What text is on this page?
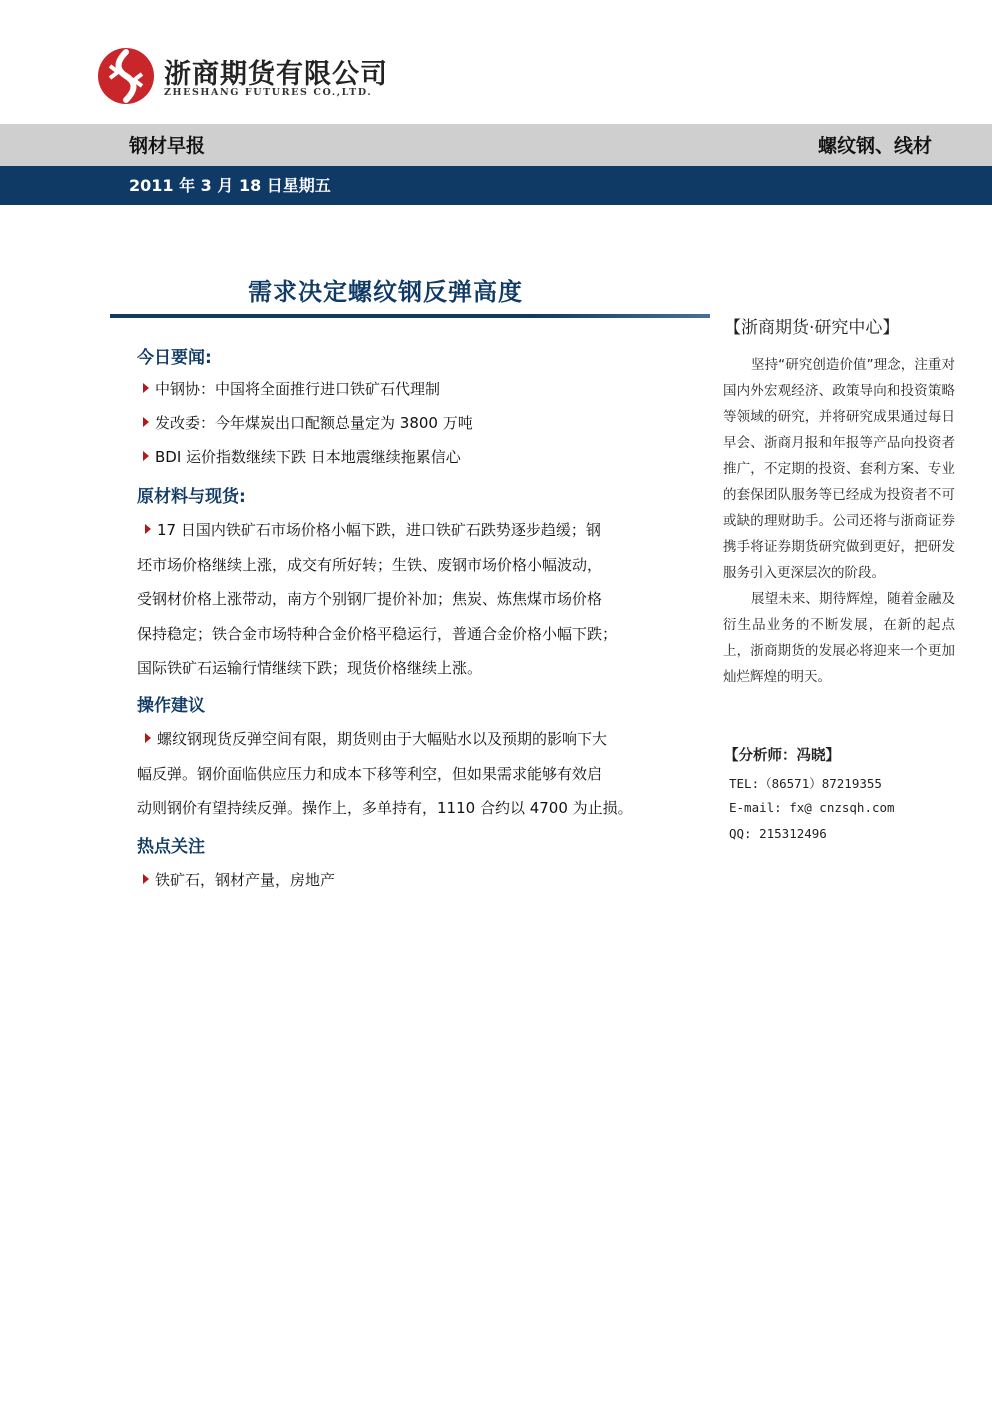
浙商期货有限公司
ZHESHANG FUTURES CO.,LTD.
钢材早报	螺纹钢、线材
2011 年 3 月 18 日星期五
需求决定螺纹钢反弹高度
今日要闻:
中钢协：中国将全面推行进口铁矿石代理制
发改委：今年煤炭出口配额总量定为 3800 万吨
BDI 运价指数继续下跌 日本地震继续拖累信心
原材料与现货:
17 日国内铁矿石市场价格小幅下跌，进口铁矿石跌势逐步趋缓；钢
坯市场价格继续上涨，成交有所好转；生铁、废钢市场价格小幅波动，
受钢材价格上涨带动，南方个别钢厂提价补加；焦炭、炼焦煤市场价格
保持稳定；铁合金市场特种合金价格平稳运行，普通合金价格小幅下跌；
国际铁矿石运输行情继续下跌；现货价格继续上涨。
操作建议
螺纹钢现货反弹空间有限，期货则由于大幅贴水以及预期的影响下大
幅反弹。钢价面临供应压力和成本下移等利空，但如果需求能够有效启
动则钢价有望持续反弹。操作上，多单持有，1110 合约以 4700 为止损。
热点关注
铁矿石，钢材产量，房地产
【浙商期货·研究中心】

坚持“研究创造价值”理念，注重对国内外宏观经济、政策导向和投资策略等领域的研究，并将研究成果通过每日早会、浙商月报和年报等产品向投资者推广，不定期的投资、套利方案、专业的套保团队服务等已经成为投资者不可或缺的理财助手。公司还将与浙商证券携手将证券期货研究做到更好，把研发服务引入更深层次的阶段。

展望未来、期待辉煌，随着金融及衍生品业务的不断发展，在新的起点上，浙商期货的发展必将迎来一个更加灿烂辉煌的明天。

【分析师：冯晓】
TEL:（86571）87219355
E-mail: fx@ cnzsqh.com
QQ: 215312496
